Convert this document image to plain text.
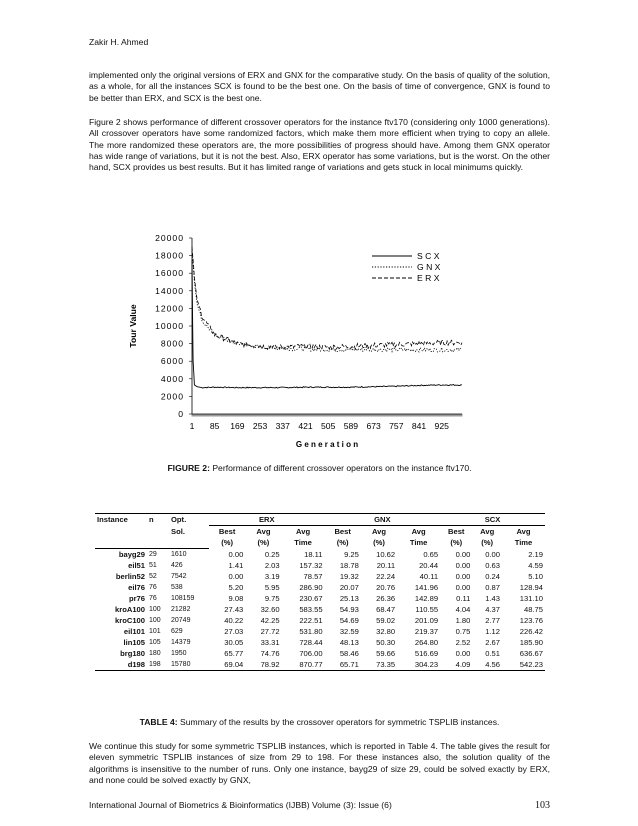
Zakir H. Ahmed

implemented only the original versions of ERX and GNX for the comparative study. On the basis of quality of the solution, as a whole, for all the instances SCX is found to be the best one. On the basis of time of convergence, GNX is found to be better than ERX, and SCX is the best one.

Figure 2 shows performance of different crossover operators for the instance ftv170 (considering only 1000 generations). All crossover operators have some randomized factors, which make them more efficient when trying to copy an allele. The more randomized these operators are, the more possibilities of progress should have. Among them GNX operator has wide range of variations, but it is not the best. Also, ERX operator has some variations, but is the worst. On the other hand, SCX provides us best results. But it has limited range of variations and gets stuck in local minimums quickly.

0
2000
4000
6000
8000
10000
12000
14000
16000
18000
20000
1 85 169 253 337 421 505 589 673 757 841 925
S C X
G N X
E R X
Tour Value
G e n e r a t i o n
FIGURE 2: Performance of different crossover operators on the instance ftv170.
Instance	n	Opt.	ERX			GNX			SCX		
		Sol.	Best	Avg	Avg	Best	Avg	Avg	Best	Avg	Avg
			(%)	(%)	Time	(%)	(%)	Time	(%)	(%)	Time
bayg29	29	1610	0.00	0.25	18.11	9.25	10.62	0.65	0.00	0.00	2.19
eil51	51	426	1.41	2.03	157.32	18.78	20.11	20.44	0.00	0.63	4.59
berlin52	52	7542	0.00	3.19	78.57	19.32	22.24	40.11	0.00	0.24	5.10
eil76	76	538	5.20	5.95	286.90	20.07	20.76	141.96	0.00	0.87	128.94
pr76	76	108159	9.08	9.75	230.67	25.13	26.36	142.89	0.11	1.43	131.10
kroA100	100	21282	27.43	32.60	583.55	54.93	68.47	110.55	4.04	4.37	48.75
kroC100	100	20749	40.22	42.25	222.51	54.69	59.02	201.09	1.80	2.77	123.76
eil101	101	629	27.03	27.72	531.80	32.59	32.80	219.37	0.75	1.12	226.42
lin105	105	14379	30.05	33.31	728.44	48.13	50.30	264.80	2.52	2.67	185.90
brg180	180	1950	65.77	74.76	706.00	58.46	59.66	516.69	0.00	0.51	636.67
d198	198	15780	69.04	78.92	870.77	65.71	73.35	304.23	4.09	4.56	542.23
TABLE 4: Summary of the results by the crossover operators for symmetric TSPLIB instances.

We continue this study for some symmetric TSPLIB instances, which is reported in Table 4. The table gives the result for eleven symmetric TSPLIB instances of size from 29 to 198. For these instances also, the solution quality of the algorithms is insensitive to the number of runs. Only one instance, bayg29 of size 29, could be solved exactly by ERX, and none could be solved exactly by GNX,

International Journal of Biometrics & Bioinformatics (IJBB) Volume (3): Issue (6)	103
